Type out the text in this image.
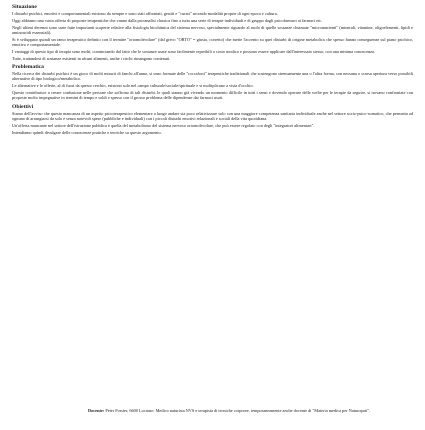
Situazione

I disturbi psichici, emotivi e comportamentali esistono da sempre e sono stati affrontati, gestiti e "curati" secondo modalità proprie di ogni epoca e cultura.

Oggi abbiamo una vasta offerta di proposte terapeutiche che vanno dalla psicanalisi classica fino a tutta una serie di terapie individuali e di gruppo dagli psicofarmaci ai farmaci etc.

Negli ultimi decenni sono state fatte importanti scoperte relative alla fisiologia biochimica del sistema nervoso, specialmente riguardo al ruolo di quelle sostanze chiamate "micronutrienti" (minerali, vitamine, oligoelementi, lipidi e aminoacidi essenziali).

Si è sviluppato quindi un ramo terapeutico definito con il termine "ortomolecolare" (dal greco "ORTO" = giusto, corretto) che mette l'accento su quei disturbi di origine metabolica che spesso hanno conseguenze sul piano psichico, emotivo e comportamentale.

I vantaggi di questo tipo di terapia sono molti, cominciando dal fatto che le sostanze usate sono facilmente reperibili a costo modico e possono essere applicate dall'interessato stesso, con una minima conoscenza.

Tutte, trattandosi di sostanze esistenti in alcuni alimenti, anche i rischi rimangono contenuti.

Problematica

Nella ricerca dei disturbi psichici è un gioco di molti misurii di fanchi all'anno, si sono formate delle "roccaforti" terapeutiche tradizionali che sostengono strenuamente una o l'altra forma, con nessuna o scarsa apertura verso possibili alternative di tipo biologico/metabolico.

Le alternative e le offerte, al di fuori da questo cerchio, esistono solo nel campo culturale/sociale/spirituale e si moltiplicano a vista d'occhio.

Questo contribuisce a creare confusione nelle persone che soffrono di tali disturbi, le quali stanno già vivendo un momento difficile in tutti i sensi e dovendo operare delle scelte per le terapie da seguire, si trovano confrontate con proposte molto impegnative in termini di tempo e soldi e spesso con il grosso problema delle dipendenze dai farmaci usati.

Obiettivi

Siamo dell'avviso che questa mancanza di un aspetto psicoterapeutico elementare a lungo andare sia poco relativizzare solo con una maggiore competenza sanitaria individuale anche nel settore socio-psico-somatico, che permetta ad ognuno di arrangiarsi da solo e senza notevoli spese (pubbliche e individuali) con i piccoli disturbi emotivi relazionali e sociali della vita quotidiana.

Un'offerta mancante nel settore dell'istruzione pubblica è quella del metabolismo del sistema nervoso ortomolecolare, che può essere regolato con degli "integratori alimentari".

Intendiamo quindi divulgare delle conoscenze pratiche e teoriche su questo argomento.

Docente: Peter Forster, 6600 Locarno: Medico naturista NVS e terapista di tecniche corporee, temporaneamente anche docente di "Materia medica per Naturopati".
